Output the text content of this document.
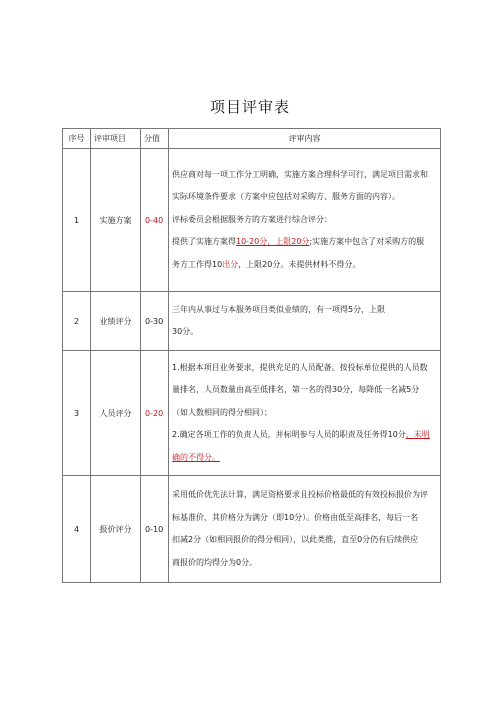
项目评审表
序号	评审项目	分值	评审内容
1	实施方案	0-40	供应商对每一项工作分工明确，实施方案合理科学可行，满足项目需求和
实际环境条件要求（方案中应包括对采购方、服务方面的内容）。
评标委员会根据服务方的方案进行综合评分：
提供了实施方案得10-20分，上限20分;实施方案中包含了对采购方的服
务方工作得10出分，上限20分。未提供材料不得分。

2	业绩评分	0-30	三年内从事过与本服务项目类似业绩的，有一项得5分，上限
30分。

3	人员评分	0-20	1.根据本项目业务要求，提供充足的人员配备。按投标单位提供的人员数
量排名，人员数量由高至低排名，第一名的得30分，每降低一名减5分
（如人数相同的得分相同）；
2.确定各项工作的负责人员，并标明参与人员的职责及任务得10分，未明
确的不得分。

4	报价评分	0-10	采用低价优先法计算，满足资格要求且投标价格最低的有效投标报价为评
标基准价，其价格分为满分（即10分）。价格由低至高排名，每后一名
扣减2分（如相同报价的得分相同），以此类推，直至0分仍有后续供应
商报价的均得分为0分。
